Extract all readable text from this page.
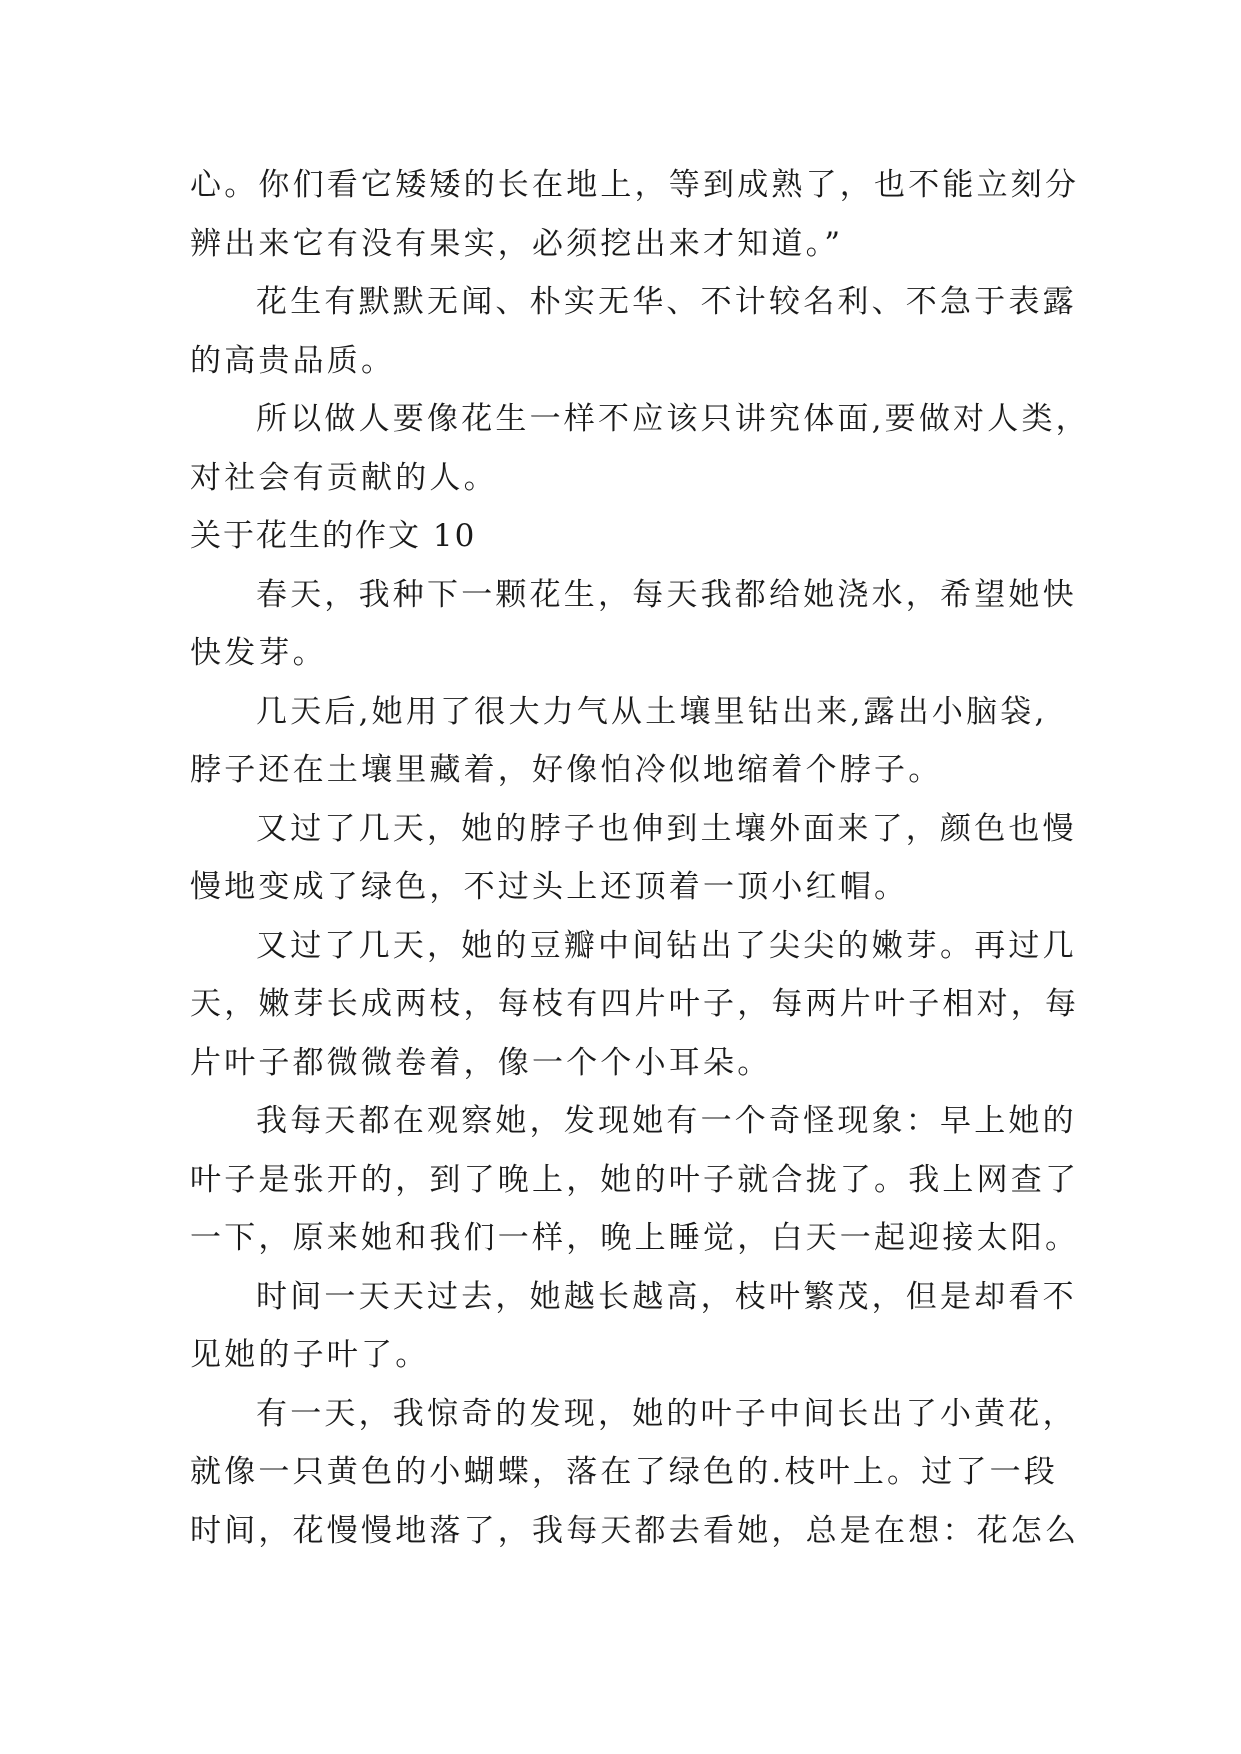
心。你们看它矮矮的长在地上，等到成熟了，也不能立刻分
辨出来它有没有果实，必须挖出来才知道。”
花生有默默无闻、朴实无华、不计较名利、不急于表露
的高贵品质。
所以做人要像花生一样不应该只讲究体面,要做对人类，
对社会有贡献的人。
关于花生的作文 10
春天，我种下一颗花生，每天我都给她浇水，希望她快
快发芽。
几天后,她用了很大力气从土壤里钻出来,露出小脑袋,
脖子还在土壤里藏着，好像怕冷似地缩着个脖子。
又过了几天，她的脖子也伸到土壤外面来了，颜色也慢
慢地变成了绿色，不过头上还顶着一顶小红帽。
又过了几天，她的豆瓣中间钻出了尖尖的嫩芽。再过几
天，嫩芽长成两枝，每枝有四片叶子，每两片叶子相对，每
片叶子都微微卷着，像一个个小耳朵。
我每天都在观察她，发现她有一个奇怪现象：早上她的
叶子是张开的，到了晚上，她的叶子就合拢了。我上网查了
一下，原来她和我们一样，晚上睡觉，白天一起迎接太阳。
时间一天天过去，她越长越高，枝叶繁茂，但是却看不
见她的子叶了。
有一天，我惊奇的发现，她的叶子中间长出了小黄花，
就像一只黄色的小蝴蝶，落在了绿色的.枝叶上。过了一段
时间，花慢慢地落了，我每天都去看她，总是在想：花怎么
